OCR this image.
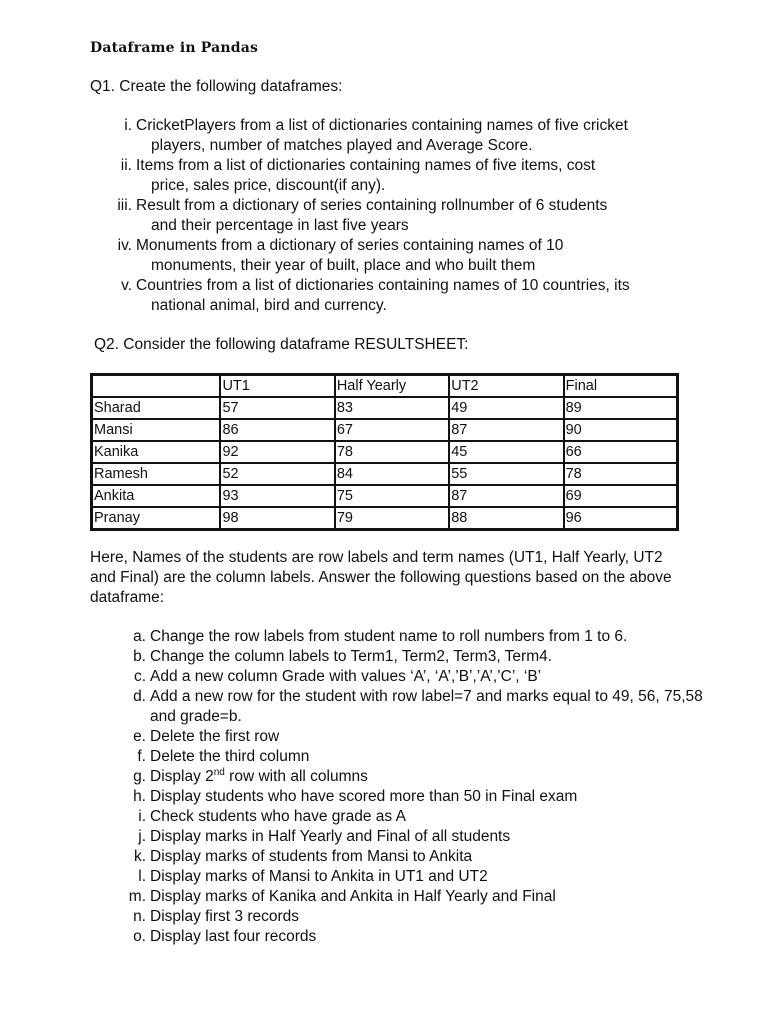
Dataframe in Pandas
Q1. Create the following dataframes:
i. CricketPlayers from a list of dictionaries containing names of five cricket
players, number of matches played and Average Score.
ii. Items from a list of dictionaries containing names of five items, cost
price, sales price, discount(if any).
iii. Result from a dictionary of series containing rollnumber of 6 students
and their percentage in last five years
iv. Monuments from a dictionary of series containing names of 10
monuments, their year of built, place and who built them
v. Countries from a list of dictionaries containing names of 10 countries, its
national animal, bird and currency.
Q2. Consider the following dataframe RESULTSHEET:
	UT1	Half Yearly	UT2	Final
Sharad	57	83	49	89
Mansi	86	67	87	90
Kanika	92	78	45	66
Ramesh	52	84	55	78
Ankita	93	75	87	69
Pranay	98	79	88	96
Here, Names of the students are row labels and term names (UT1, Half Yearly, UT2 and Final) are the column labels. Answer the following questions based on the above dataframe:
a. Change the row labels from student name to roll numbers from 1 to 6.
b. Change the column labels to Term1, Term2, Term3, Term4.
c. Add a new column Grade with values ‘A’, ‘A’,’B’,’A’,’C’, ‘B’
d. Add a new row for the student with row label=7 and marks equal to 49, 56, 75,58 and grade=b.
e. Delete the first row
f. Delete the third column
g. Display 2nd row with all columns
h. Display students who have scored more than 50 in Final exam
i. Check students who have grade as A
j. Display marks in Half Yearly and Final of all students
k. Display marks of students from Mansi to Ankita
l. Display marks of Mansi to Ankita in UT1 and UT2
m. Display marks of Kanika and Ankita in Half Yearly and Final
n. Display first 3 records
o. Display last four records
